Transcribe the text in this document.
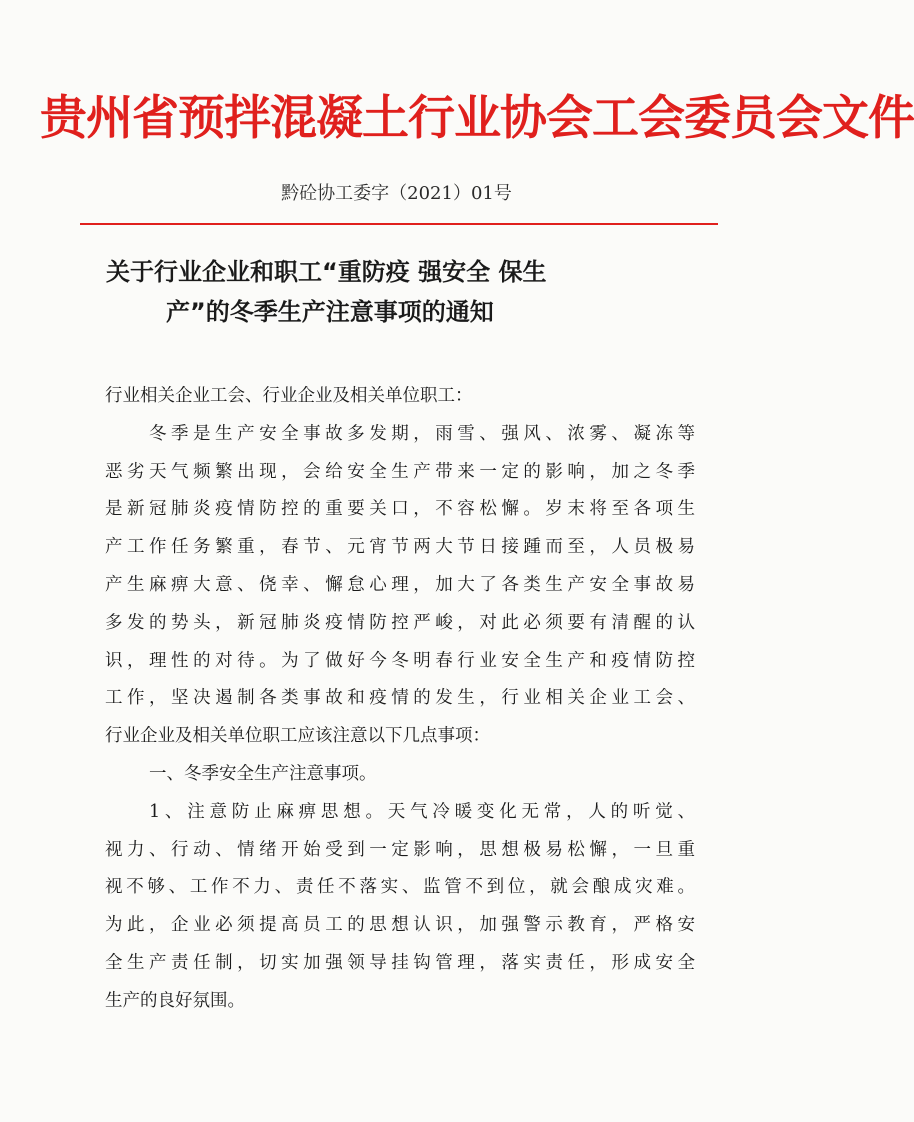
贵州省预拌混凝土行业协会工会委员会文件
黔砼协工委字（2021）01号
关于行业企业和职工“重防疫 强安全 保生
产”的冬季生产注意事项的通知
行业相关企业工会、行业企业及相关单位职工：
冬季是生产安全事故多发期，雨雪、强风、浓雾、凝冻等
恶劣天气频繁出现，会给安全生产带来一定的影响，加之冬季
是新冠肺炎疫情防控的重要关口，不容松懈。岁末将至各项生
产工作任务繁重，春节、元宵节两大节日接踵而至，人员极易
产生麻痹大意、侥幸、懈怠心理，加大了各类生产安全事故易
多发的势头，新冠肺炎疫情防控严峻，对此必须要有清醒的认
识，理性的对待。为了做好今冬明春行业安全生产和疫情防控
工作，坚决遏制各类事故和疫情的发生，行业相关企业工会、
行业企业及相关单位职工应该注意以下几点事项：
一、冬季安全生产注意事项。
1、注意防止麻痹思想。天气冷暖变化无常，人的听觉、
视力、行动、情绪开始受到一定影响，思想极易松懈，一旦重
视不够、工作不力、责任不落实、监管不到位，就会酿成灾难。
为此，企业必须提高员工的思想认识，加强警示教育，严格安
全生产责任制，切实加强领导挂钩管理，落实责任，形成安全
生产的良好氛围。
